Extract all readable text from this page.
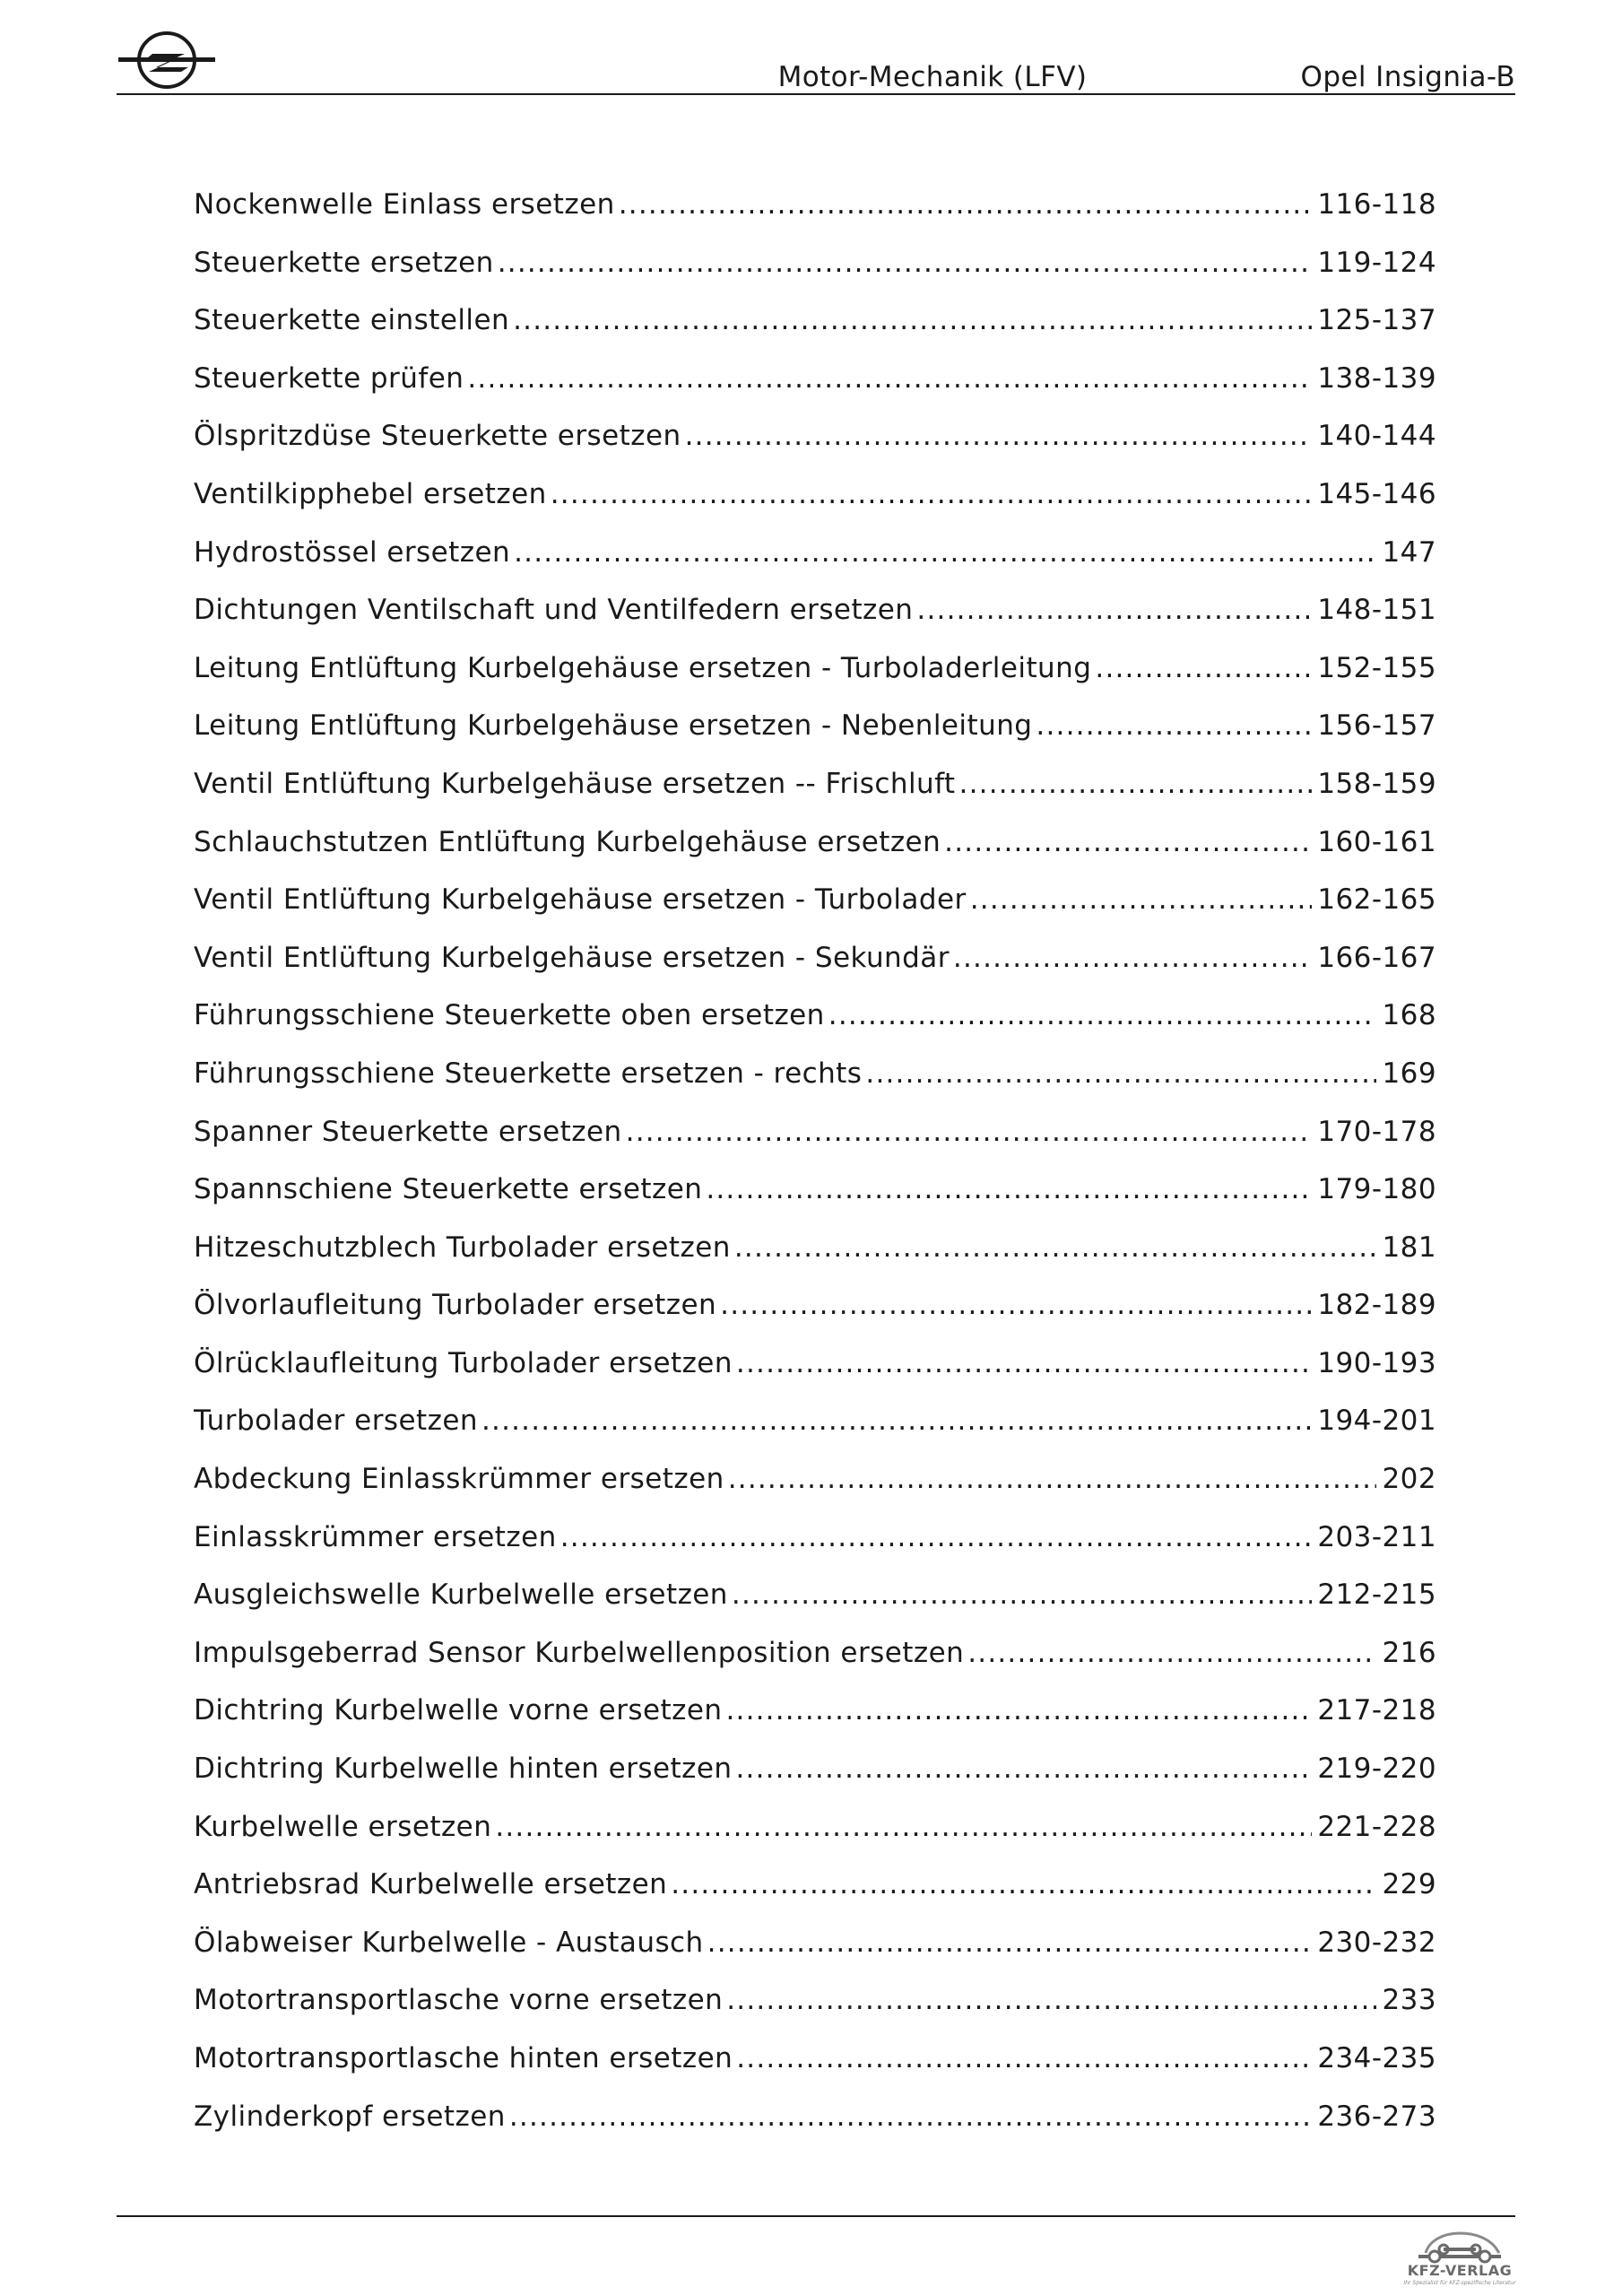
Motor-Mechanik (LFV)	Opel Insignia-B
Nockenwelle Einlass ersetzen .....	116-118
Steuerkette ersetzen .....	119-124
Steuerkette einstellen .....	125-137
Steuerkette prüfen .....	138-139
Ölspritzdüse Steuerkette ersetzen .....	140-144
Ventilkipphebel ersetzen .....	145-146
Hydrostössel ersetzen .....	147
Dichtungen Ventilschaft und Ventilfedern ersetzen .....	148-151
Leitung Entlüftung Kurbelgehäuse ersetzen - Turboladerleitung .....	152-155
Leitung Entlüftung Kurbelgehäuse ersetzen - Nebenleitung .....	156-157
Ventil Entlüftung Kurbelgehäuse ersetzen -- Frischluft .....	158-159
Schlauchstutzen Entlüftung Kurbelgehäuse ersetzen .....	160-161
Ventil Entlüftung Kurbelgehäuse ersetzen - Turbolader .....	162-165
Ventil Entlüftung Kurbelgehäuse ersetzen - Sekundär .....	166-167
Führungsschiene Steuerkette oben ersetzen .....	168
Führungsschiene Steuerkette ersetzen - rechts .....	169
Spanner Steuerkette ersetzen .....	170-178
Spannschiene Steuerkette ersetzen .....	179-180
Hitzeschutzblech Turbolader ersetzen .....	181
Ölvorlaufleitung Turbolader ersetzen .....	182-189
Ölrücklaufleitung Turbolader ersetzen .....	190-193
Turbolader ersetzen .....	194-201
Abdeckung Einlasskrümmer ersetzen .....	202
Einlasskrümmer ersetzen .....	203-211
Ausgleichswelle Kurbelwelle ersetzen .....	212-215
Impulsgeberrad Sensor Kurbelwellenposition ersetzen .....	216
Dichtring Kurbelwelle vorne ersetzen .....	217-218
Dichtring Kurbelwelle hinten ersetzen .....	219-220
Kurbelwelle ersetzen .....	221-228
Antriebsrad Kurbelwelle ersetzen .....	229
Ölabweiser Kurbelwelle - Austausch .....	230-232
Motortransportlasche vorne ersetzen .....	233
Motortransportlasche hinten ersetzen .....	234-235
Zylinderkopf ersetzen .....	236-273
KFZ-VERLAG
Ihr Spezialist für KFZ-spezifische Literatur
